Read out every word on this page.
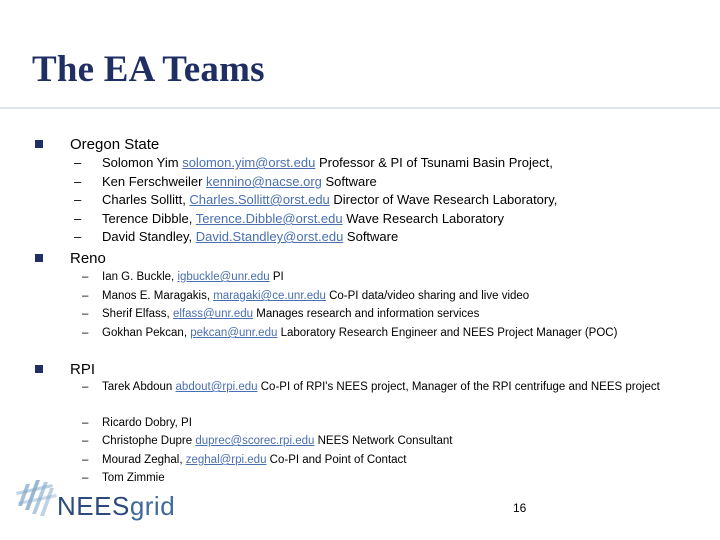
The EA Teams
Oregon State
– Solomon Yim solomon.yim@orst.edu Professor & PI of Tsunami Basin Project,
– Ken Ferschweiler kennino@nacse.org Software
– Charles Sollitt, Charles.Sollitt@orst.edu Director of Wave Research Laboratory,
– Terence Dibble, Terence.Dibble@orst.edu Wave Research Laboratory
– David Standley, David.Standley@orst.edu Software
Reno
– Ian G. Buckle, igbuckle@unr.edu PI
– Manos E. Maragakis, maragaki@ce.unr.edu Co-PI data/video sharing and live video
– Sherif Elfass, elfass@unr.edu Manages research and information services
– Gokhan Pekcan, pekcan@unr.edu Laboratory Research Engineer and NEES Project Manager (POC)
RPI
– Tarek Abdoun abdout@rpi.edu Co-PI of RPI's NEES project, Manager of the RPI centrifuge and NEES project
– Ricardo Dobry, PI
– Christophe Dupre duprec@scorec.rpi.edu NEES Network Consultant
– Mourad Zeghal, zeghal@rpi.edu Co-PI and Point of Contact
– Tom Zimmie
NEESgrid	16
